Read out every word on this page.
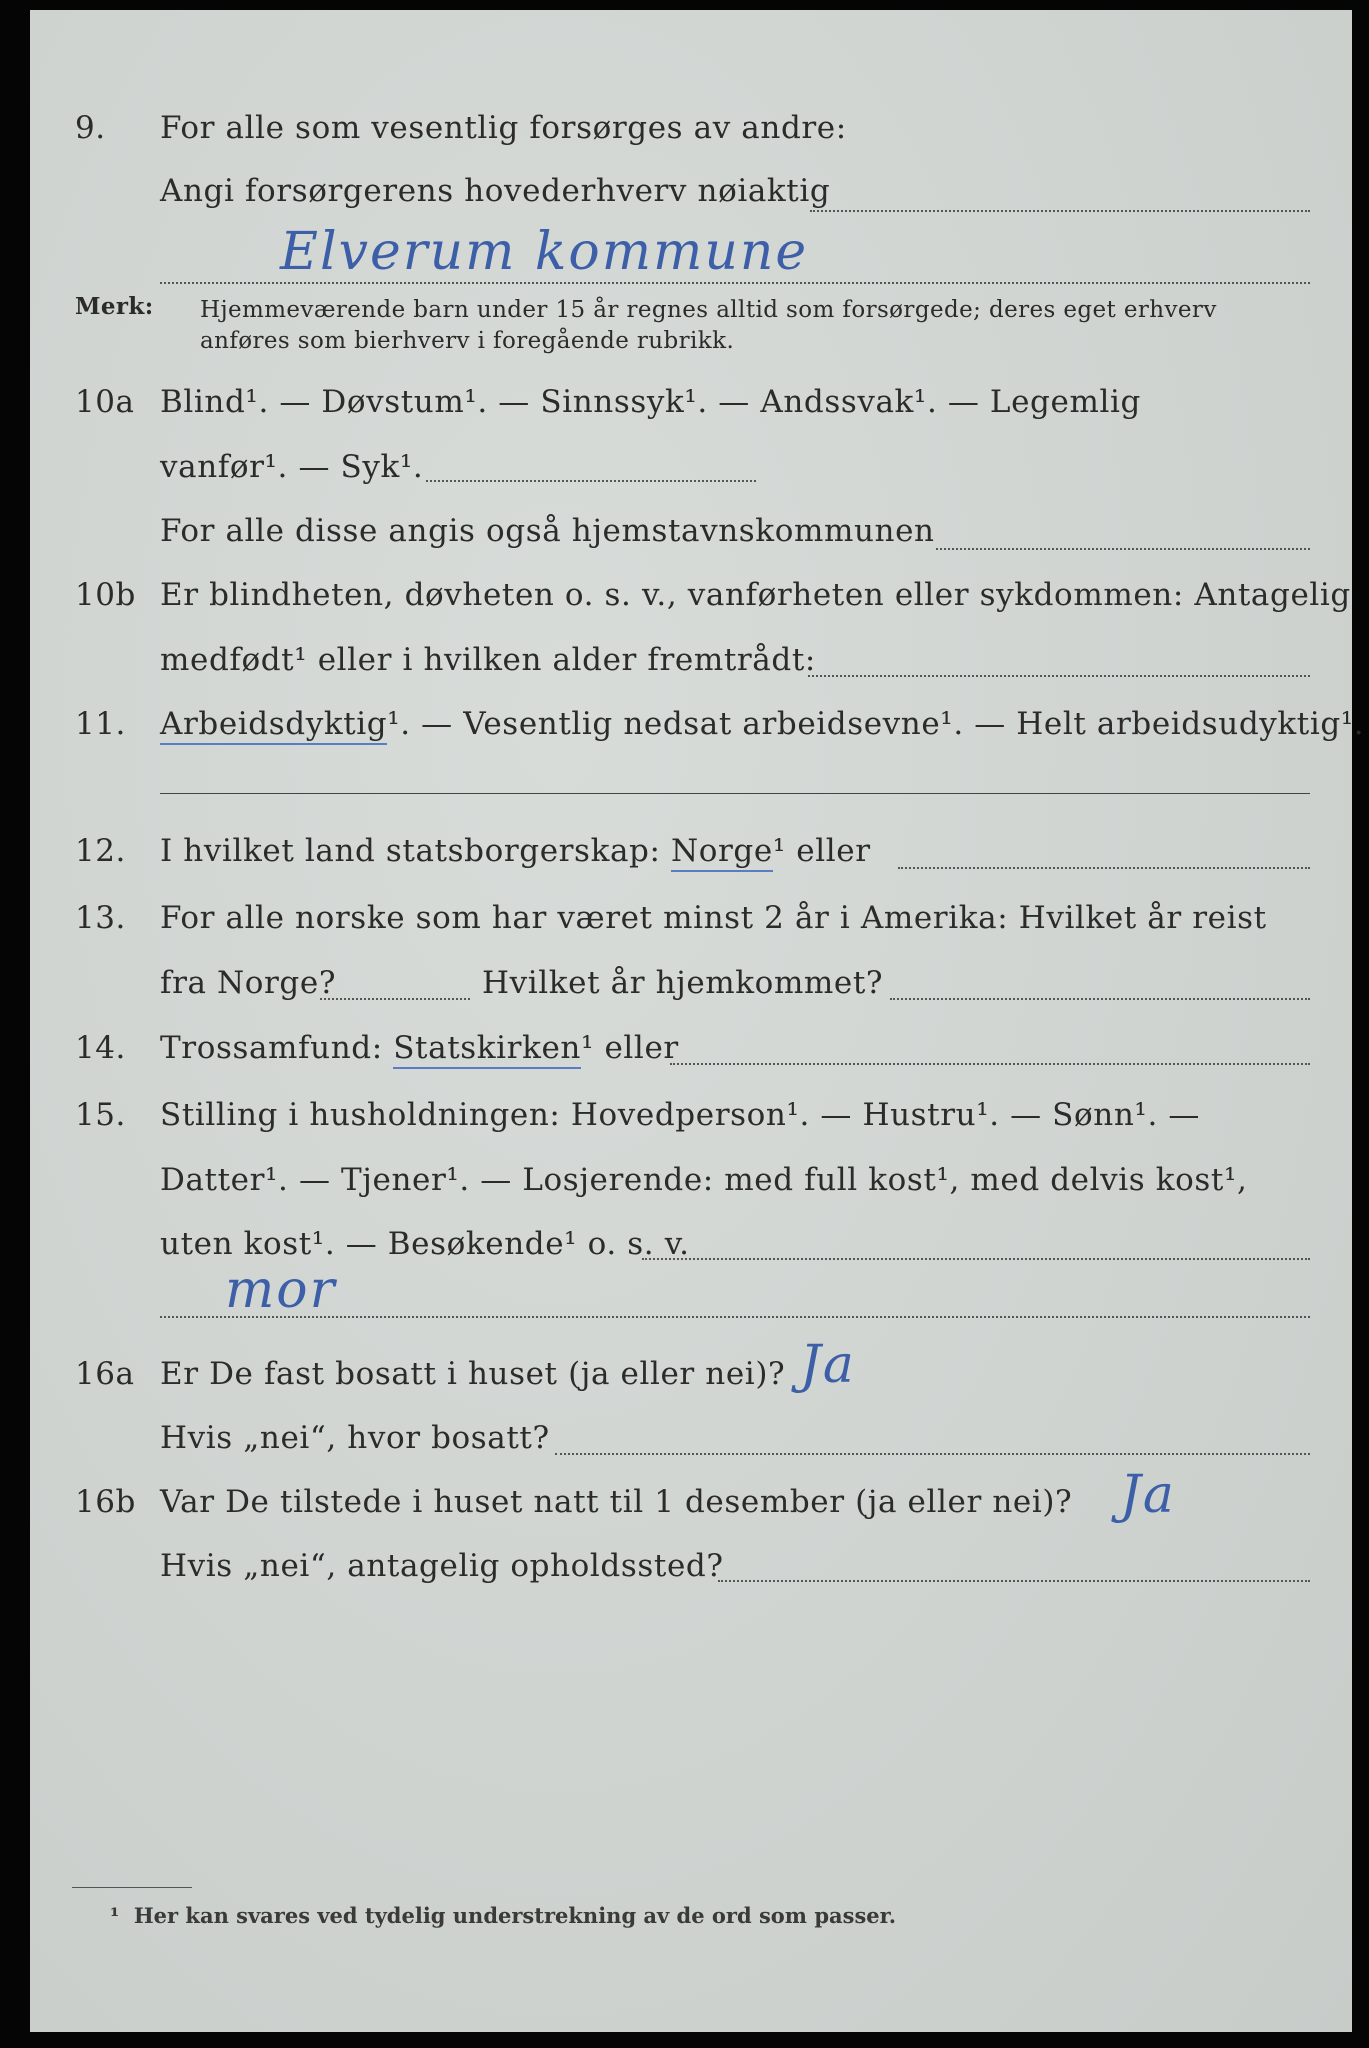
9. For alle som vesentlig forsørges av andre:
Angi forsørgerens hovederhverv nøiaktig
Elverum kommune
Merk: Hjemmeværende barn under 15 år regnes alltid som forsørgede; deres eget erhverv
anføres som bierhverv i foregående rubrikk.
10a Blind¹. — Døvstum¹. — Sinnssyk¹. — Andssvak¹. — Legemlig
vanfør¹. — Syk¹.
For alle disse angis også hjemstavnskommunen
10b Er blindheten, døvheten o. s. v., vanførheten eller sykdommen: Antagelig
medfødt¹ eller i hvilken alder fremtrådt:
11. Arbeidsdyktig¹. — Vesentlig nedsat arbeidsevne¹. — Helt arbeidsudyktig¹.
12. I hvilket land statsborgerskap: Norge¹ eller
13. For alle norske som har været minst 2 år i Amerika: Hvilket år reist
fra Norge?	Hvilket år hjemkommet?
14. Trossamfund: Statskirken¹ eller
15. Stilling i husholdningen: Hovedperson¹. — Hustru¹. — Sønn¹. —
Datter¹. — Tjener¹. — Losjerende: med full kost¹, med delvis kost¹,
uten kost¹. — Besøkende¹ o. s. v.
mor
16a Er De fast bosatt i huset (ja eller nei)? Ja
Hvis „nei“, hvor bosatt?
16b Var De tilstede i huset natt til 1 desember (ja eller nei)? Ja
Hvis „nei“, antagelig opholdssted?
¹ Her kan svares ved tydelig understrekning av de ord som passer.
